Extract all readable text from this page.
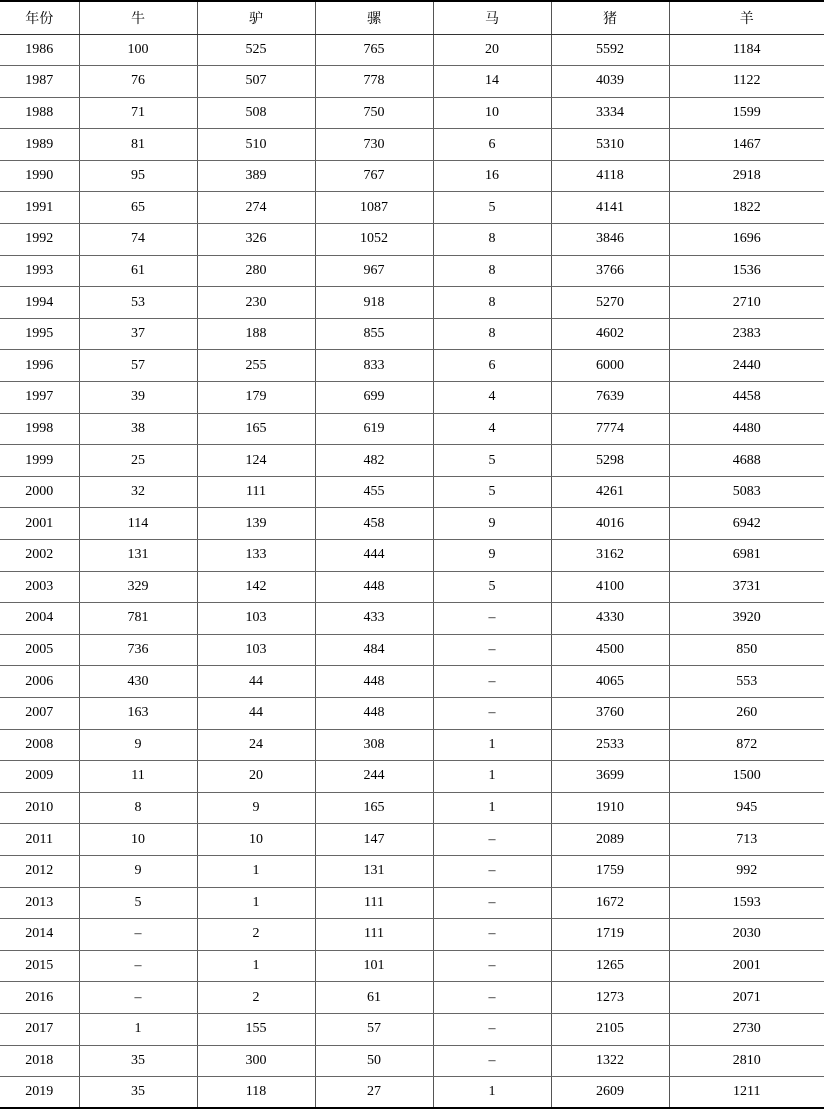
年份	牛	驴	骡	马	猪	羊
1986	100	525	765	20	5592	1184
1987	76	507	778	14	4039	1122
1988	71	508	750	10	3334	1599
1989	81	510	730	6	5310	1467
1990	95	389	767	16	4118	2918
1991	65	274	1087	5	4141	1822
1992	74	326	1052	8	3846	1696
1993	61	280	967	8	3766	1536
1994	53	230	918	8	5270	2710
1995	37	188	855	8	4602	2383
1996	57	255	833	6	6000	2440
1997	39	179	699	4	7639	4458
1998	38	165	619	4	7774	4480
1999	25	124	482	5	5298	4688
2000	32	111	455	5	4261	5083
2001	114	139	458	9	4016	6942
2002	131	133	444	9	3162	6981
2003	329	142	448	5	4100	3731
2004	781	103	433	–	4330	3920
2005	736	103	484	–	4500	850
2006	430	44	448	–	4065	553
2007	163	44	448	–	3760	260
2008	9	24	308	1	2533	872
2009	11	20	244	1	3699	1500
2010	8	9	165	1	1910	945
2011	10	10	147	–	2089	713
2012	9	1	131	–	1759	992
2013	5	1	111	–	1672	1593
2014	–	2	111	–	1719	2030
2015	–	1	101	–	1265	2001
2016	–	2	61	–	1273	2071
2017	1	155	57	–	2105	2730
2018	35	300	50	–	1322	2810
2019	35	118	27	1	2609	1211
